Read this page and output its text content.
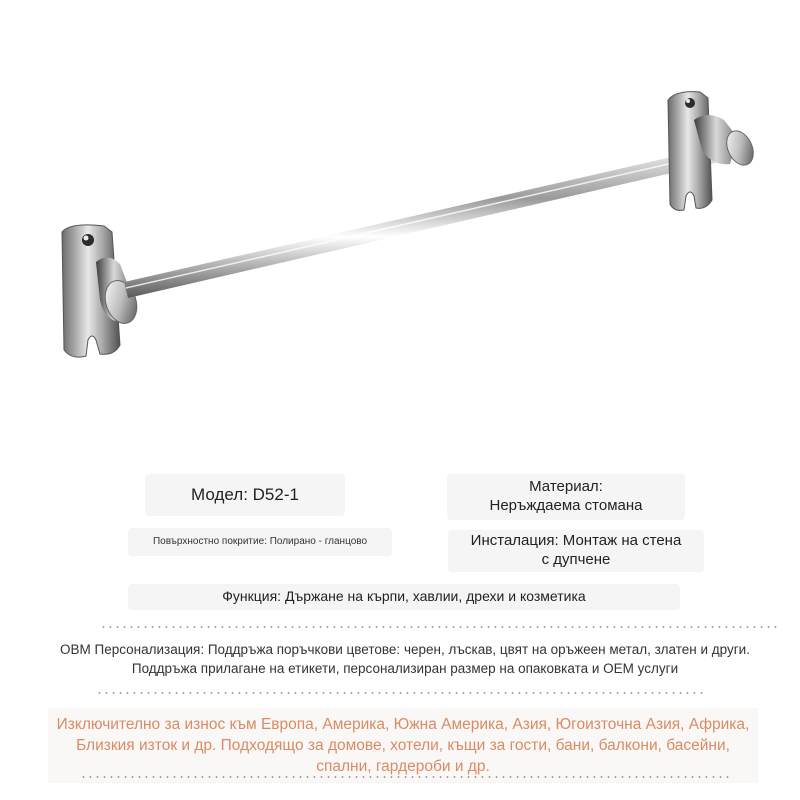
Модел: D52-1	Материал:
Неръждаема стомана
Повърхностно покритие: Полирано - гланцово	Инсталация: Монтаж на стена
с дупчене
Функция: Държане на кърпи, хавлии, дрехи и козметика
OBM Персонализация: Поддръжа поръчкови цветове: черен, лъскав, цвят на оръжеен метал, златен и други. Поддръжа прилагане на етикети, персонализиран размер на опаковката и OEM услуги
Изключително за износ към Европа, Америка, Южна Америка, Азия, Югоизточна Азия, Африка, Близкия изток и др. Подходящо за домове, хотели, къщи за гости, бани, балкони, басейни, спални, гардероби и др.
